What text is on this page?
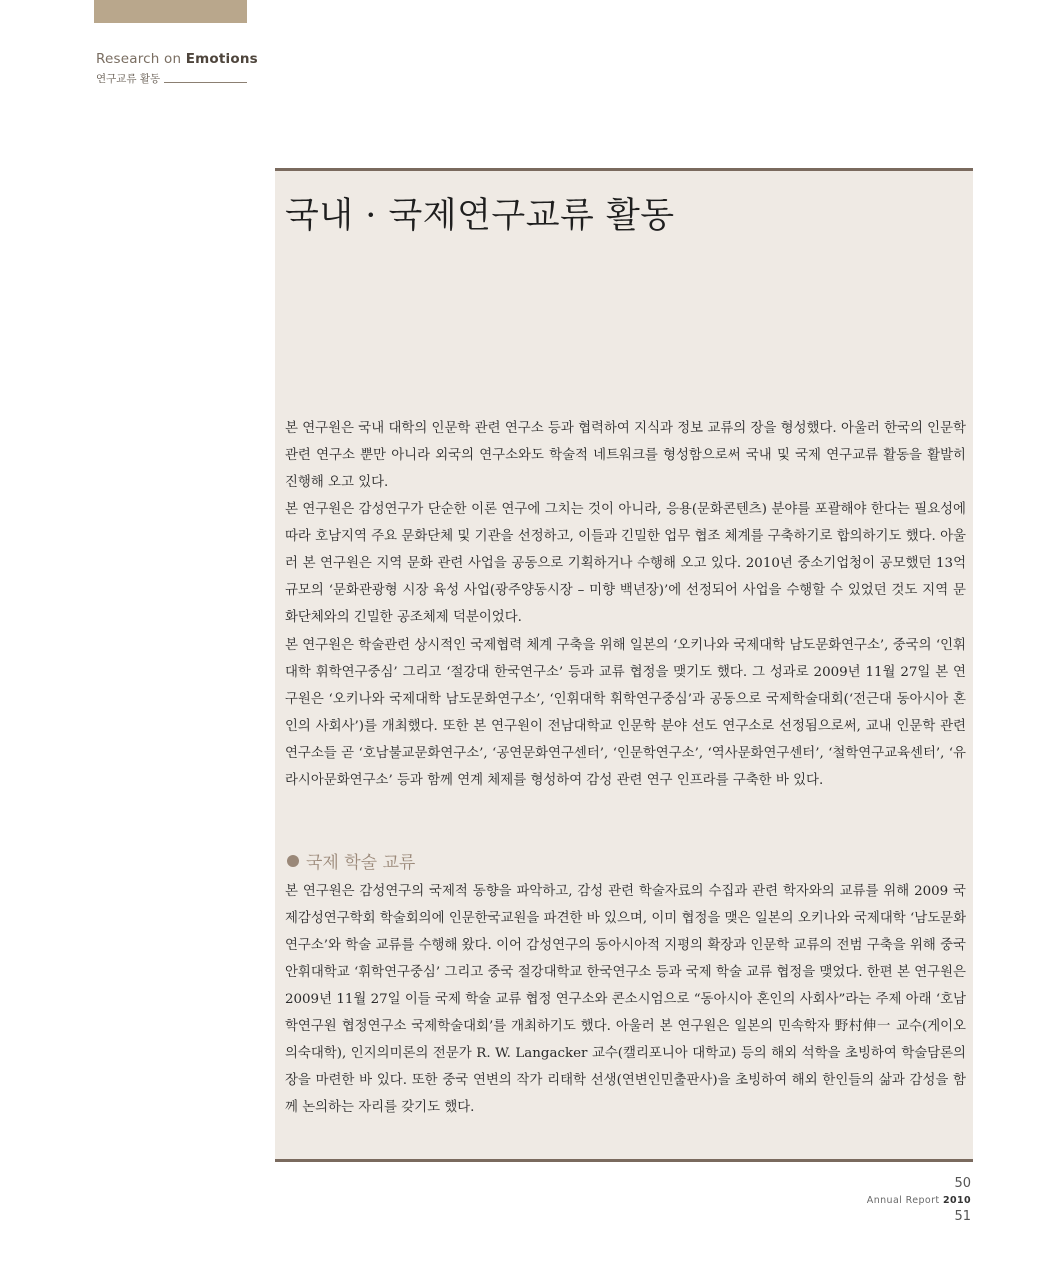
Research on Emotions
연구교류 활동
국내 · 국제연구교류 활동

본 연구원은 국내 대학의 인문학 관련 연구소 등과 협력하여 지식과 정보 교류의 장을 형성했다. 아울러 한국의 인문학 관련 연구소 뿐만 아니라 외국의 연구소와도 학술적 네트워크를 형성함으로써 국내 및 국제 연구교류 활동을 활발히 진행해 오고 있다.

본 연구원은 감성연구가 단순한 이론 연구에 그치는 것이 아니라, 응용(문화콘텐츠) 분야를 포괄해야 한다는 필요성에 따라 호남지역 주요 문화단체 및 기관을 선정하고, 이들과 긴밀한 업무 협조 체계를 구축하기로 합의하기도 했다. 아울러 본 연구원은 지역 문화 관련 사업을 공동으로 기획하거나 수행해 오고 있다. 2010년 중소기업청이 공모했던 13억 규모의 ‘문화관광형 시장 육성 사업(광주양동시장 – 미향 백년장)’에 선정되어 사업을 수행할 수 있었던 것도 지역 문화단체와의 긴밀한 공조체제 덕분이었다.

본 연구원은 학술관련 상시적인 국제협력 체계 구축을 위해 일본의 ‘오키나와 국제대학 남도문화연구소’, 중국의 ‘인휘대학 휘학연구중심’ 그리고 ‘절강대 한국연구소’ 등과 교류 협정을 맺기도 했다. 그 성과로 2009년 11월 27일 본 연구원은 ‘오키나와 국제대학 남도문화연구소’, ‘인휘대학 휘학연구중심’과 공동으로 국제학술대회(‘전근대 동아시아 혼인의 사회사’)를 개최했다. 또한 본 연구원이 전남대학교 인문학 분야 선도 연구소로 선정됨으로써, 교내 인문학 관련 연구소들 곧 ‘호남불교문화연구소’, ‘공연문화연구센터’, ‘인문학연구소’, ‘역사문화연구센터’, ‘철학연구교육센터’, ‘유라시아문화연구소’ 등과 함께 연계 체제를 형성하여 감성 관련 연구 인프라를 구축한 바 있다.

국제 학술 교류

본 연구원은 감성연구의 국제적 동향을 파악하고, 감성 관련 학술자료의 수집과 관련 학자와의 교류를 위해 2009 국제감성연구학회 학술회의에 인문한국교원을 파견한 바 있으며, 이미 협정을 맺은 일본의 오키나와 국제대학 ‘남도문화연구소’와 학술 교류를 수행해 왔다. 이어 감성연구의 동아시아적 지평의 확장과 인문학 교류의 전범 구축을 위해 중국 안휘대학교 ‘휘학연구중심’ 그리고 중국 절강대학교 한국연구소 등과 국제 학술 교류 협정을 맺었다. 한편 본 연구원은 2009년 11월 27일 이들 국제 학술 교류 협정 연구소와 콘소시엄으로 “동아시아 혼인의 사회사”라는 주제 아래 ‘호남학연구원 협정연구소 국제학술대회’를 개최하기도 했다. 아울러 본 연구원은 일본의 민속학자 野村伸一 교수(게이오의숙대학), 인지의미론의 전문가 R. W. Langacker 교수(캘리포니아 대학교) 등의 해외 석학을 초빙하여 학술담론의 장을 마련한 바 있다. 또한 중국 연변의 작가 리태학 선생(연변인민출판사)을 초빙하여 해외 한인들의 삶과 감성을 함께 논의하는 자리를 갖기도 했다.

50
Annual Report 2010
51
